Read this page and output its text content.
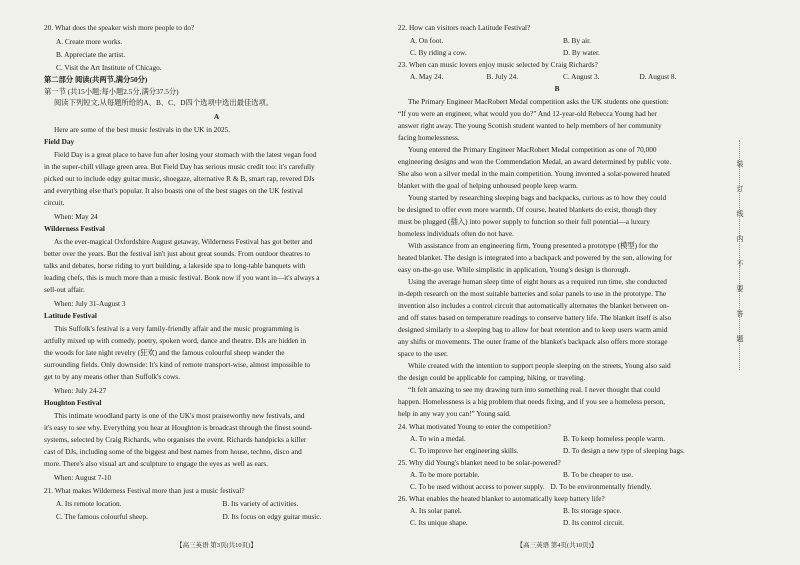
20. What does the speaker wish more people to do?
A. Create more works.
B. Appreciate the artist.
C. Visit the Art Institute of Chicago.
第二部分 阅读(共两节,满分50分)
第一节 (共15小题;每小题2.5分,满分37.5分)
阅读下列短文,从每题所给的A、B、C、D四个选项中选出最佳选项。
A
Here are some of the best music festivals in the UK in 2025.
Field Day
Field Day is a great place to have fun after losing your stomach with the latest vegan food
in the super-chill village green area. But Field Day has serious music credit too: it's carefully
picked out to include edgy guitar music, shoegaze, alternative R & B, smart rap, revered DJs
and everything else that's popular. It also boasts one of the best stages on the UK festival
circuit.
When: May 24
Wilderness Festival
As the ever-magical Oxfordshire August getaway, Wilderness Festival has got better and
better over the years. But the festival isn't just about great sounds. From outdoor theatres to
talks and debates, horse riding to yurt building, a lakeside spa to long-table banquets with
leading chefs, this is much more than a music festival. Book now if you want in—it's always a
sell-out affair.
When: July 31-August 3
Latitude Festival
This Suffolk's festival is a very family-friendly affair and the music programming is
artfully mixed up with comedy, poetry, spoken word, dance and theatre. DJs are hidden in
the woods for late night revelry (狂欢) and the famous colourful sheep wander the
surrounding fields. Only downside: It's kind of remote transport-wise, almost impossible to
get to by any means other than Suffolk's cows.
When: July 24-27
Houghton Festival
This intimate woodland party is one of the UK's most praiseworthy new festivals, and
it's easy to see why. Everything you hear at Houghton is broadcast through the finest sound-
systems, selected by Craig Richards, who organises the event. Richards handpicks a killer
cast of DJs, including some of the biggest and best names from house, techno, disco and
more. There's also visual art and sculpture to engage the eyes as well as ears.
When: August 7-10
21. What makes Wilderness Festival more than just a music festival?
A. Its remote location.	B. Its variety of activities.
C. The famous colourful sheep.	D. Its focus on edgy guitar music.
【高三英语 第3页(共10页)】
22. How can visitors reach Latitude Festival?
A. On foot.	B. By air.
C. By riding a cow.	D. By water.
23. When can music lovers enjoy music selected by Craig Richards?
A. May 24.	B. July 24.	C. August 3.	D. August 8.
B
The Primary Engineer MacRobert Medal competition asks the UK students one question:
“If you were an engineer, what would you do?” And 12-year-old Rebecca Young had her
answer right away. The young Scottish student wanted to help members of her community
facing homelessness.
Young entered the Primary Engineer MacRobert Medal competition as one of 70,000
engineering designs and won the Commendation Medal, an award determined by public vote.
She also won a silver medal in the main competition. Young invented a solar-powered heated
blanket with the goal of helping unhoused people keep warm.
Young started by researching sleeping bags and backpacks, curious as to how they could
be designed to offer even more warmth. Of course, heated blankets do exist, though they
must be plugged (插入) into power supply to function so their full potential—a luxury
homeless individuals often do not have.
With assistance from an engineering firm, Young presented a prototype (模型) for the
heated blanket. The design is integrated into a backpack and powered by the sun, allowing for
easy on-the-go use. While simplistic in application, Young's design is thorough.
Using the average human sleep time of eight hours as a required run time, she conducted
in-depth research on the most suitable batteries and solar panels to use in the prototype. The
invention also includes a control circuit that automatically alternates the blanket between on-
and off states based on temperature readings to conserve battery life. The blanket itself is also
designed similarly to a sleeping bag to allow for heat retention and to keep users warm amid
any shifts or movements. The outer frame of the blanket's backpack also offers more storage
space to the user.
While created with the intention to support people sleeping on the streets, Young also said
the design could be applicable for camping, hiking, or traveling.
“It felt amazing to see my drawing turn into something real. I never thought that could
happen. Homelessness is a big problem that needs fixing, and if you see a homeless person,
help in any way you can!” Young said.
24. What motivated Young to enter the competition?
A. To win a medal.	B. To keep homeless people warm.
C. To improve her engineering skills.	D. To design a new type of sleeping bags.
25. Why did Young's blanket need to be solar-powered?
A. To be more portable.	B. To be cheaper to use.
C. To be used without access to power supply. D. To be environmentally friendly.
26. What enables the heated blanket to automatically keep battery life?
A. Its solar panel.	B. Its storage space.
C. Its unique shape.	D. Its control circuit.
【高三英语 第4页(共10页)】
装
订
线
内
不
要
答
题
